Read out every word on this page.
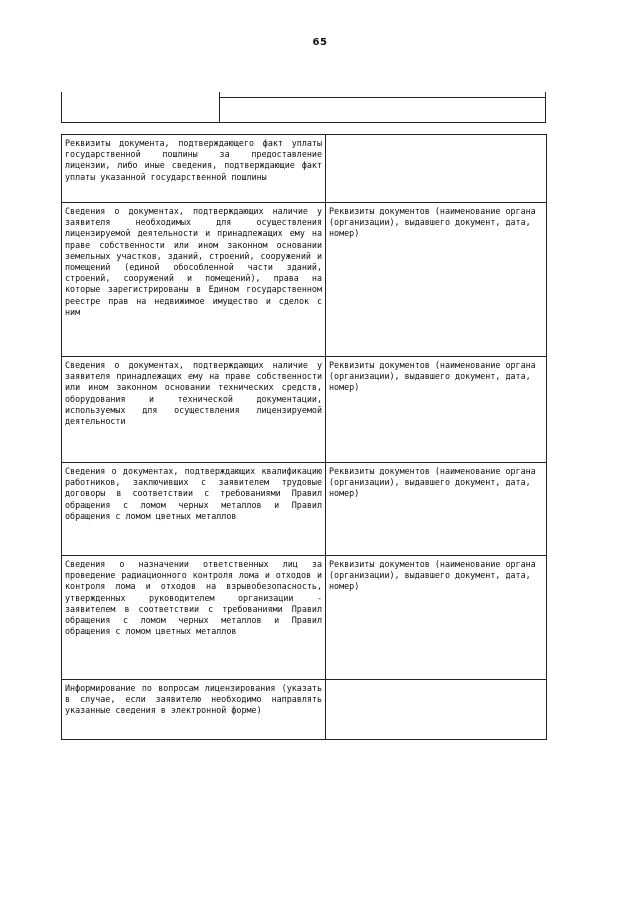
65
Реквизиты документа, подтверждающего факт уплаты государственной пошлины за предоставление лицензии, либо иные сведения, подтверждающие факт уплаты указанной государственной пошлины	
Сведения о документах, подтверждающих наличие у заявителя необходимых для осуществления лицензируемой деятельности и принадлежащих ему на праве собственности или ином законном основании земельных участков, зданий, строений, сооружений и помещений (единой обособленной части зданий, строений, сооружений и помещений), права на которые зарегистрированы в Едином государственном реестре прав на недвижимое имущество и сделок с ним	Реквизиты документов (наименование органа (организации), выдавшего документ, дата, номер)
Сведения о документах, подтверждающих наличие у заявителя принадлежащих ему на праве собственности или ином законном основании технических средств, оборудования и технической документации, используемых для осуществления лицензируемой деятельности	Реквизиты документов (наименование органа (организации), выдавшего документ, дата, номер)
Сведения о документах, подтверждающих квалификацию работников, заключивших с заявителем трудовые договоры в соответствии с требованиями Правил обращения с ломом черных металлов и Правил обращения с ломом цветных металлов	Реквизиты документов (наименование органа (организации), выдавшего документ, дата, номер)
Сведения о назначении ответственных лиц за проведение радиационного контроля лома и отходов и контроля лома и отходов на взрывобезопасность, утвержденных руководителем организации - заявителем в соответствии с требованиями Правил обращения с ломом черных металлов и Правил обращения с ломом цветных металлов	Реквизиты документов (наименование органа (организации), выдавшего документ, дата, номер)
Информирование по вопросам лицензирования (указать в случае, если заявителю необходимо направлять указанные сведения в электронной форме)	
